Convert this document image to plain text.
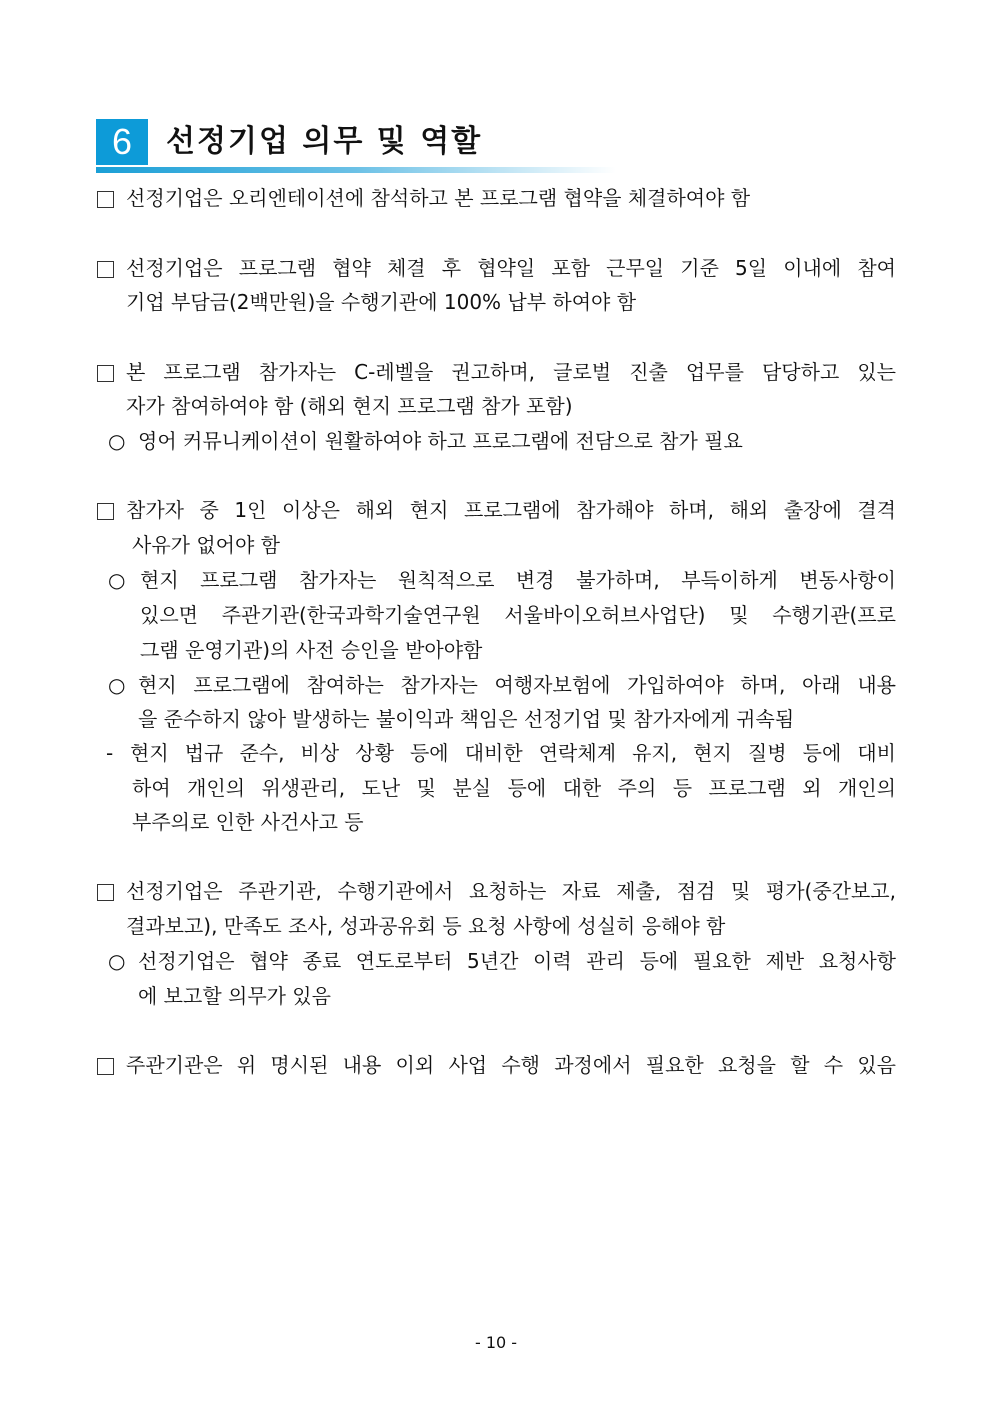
6	선정기업 의무 및 역할
선정기업은 오리엔테이션에 참석하고 본 프로그램 협약을 체결하여야 함
선정기업은 프로그램 협약 체결 후 협약일 포함 근무일 기준 5일 이내에 참여
기업 부담금(2백만원)을 수행기관에 100% 납부 하여야 함
본 프로그램 참가자는 C-레벨을 권고하며, 글로벌 진출 업무를 담당하고 있는
자가 참여하여야 함 (해외 현지 프로그램 참가 포함)
○ 영어 커뮤니케이션이 원활하여야 하고 프로그램에 전담으로 참가 필요
참가자 중 1인 이상은 해외 현지 프로그램에 참가해야 하며, 해외 출장에 결격
사유가 없어야 함
○ 현지 프로그램 참가자는 원칙적으로 변경 불가하며, 부득이하게 변동사항이
있으면 주관기관(한국과학기술연구원 서울바이오허브사업단) 및 수행기관(프로
그램 운영기관)의 사전 승인을 받아야함
○ 현지 프로그램에 참여하는 참가자는 여행자보험에 가입하여야 하며, 아래 내용
을 준수하지 않아 발생하는 불이익과 책임은 선정기업 및 참가자에게 귀속됨
- 현지 법규 준수, 비상 상황 등에 대비한 연락체계 유지, 현지 질병 등에 대비
하여 개인의 위생관리, 도난 및 분실 등에 대한 주의 등 프로그램 외 개인의
부주의로 인한 사건사고 등
선정기업은 주관기관, 수행기관에서 요청하는 자료 제출, 점검 및 평가(중간보고,
결과보고), 만족도 조사, 성과공유회 등 요청 사항에 성실히 응해야 함
○ 선정기업은 협약 종료 연도로부터 5년간 이력 관리 등에 필요한 제반 요청사항
에 보고할 의무가 있음
주관기관은 위 명시된 내용 이외 사업 수행 과정에서 필요한 요청을 할 수 있음
- 10 -
